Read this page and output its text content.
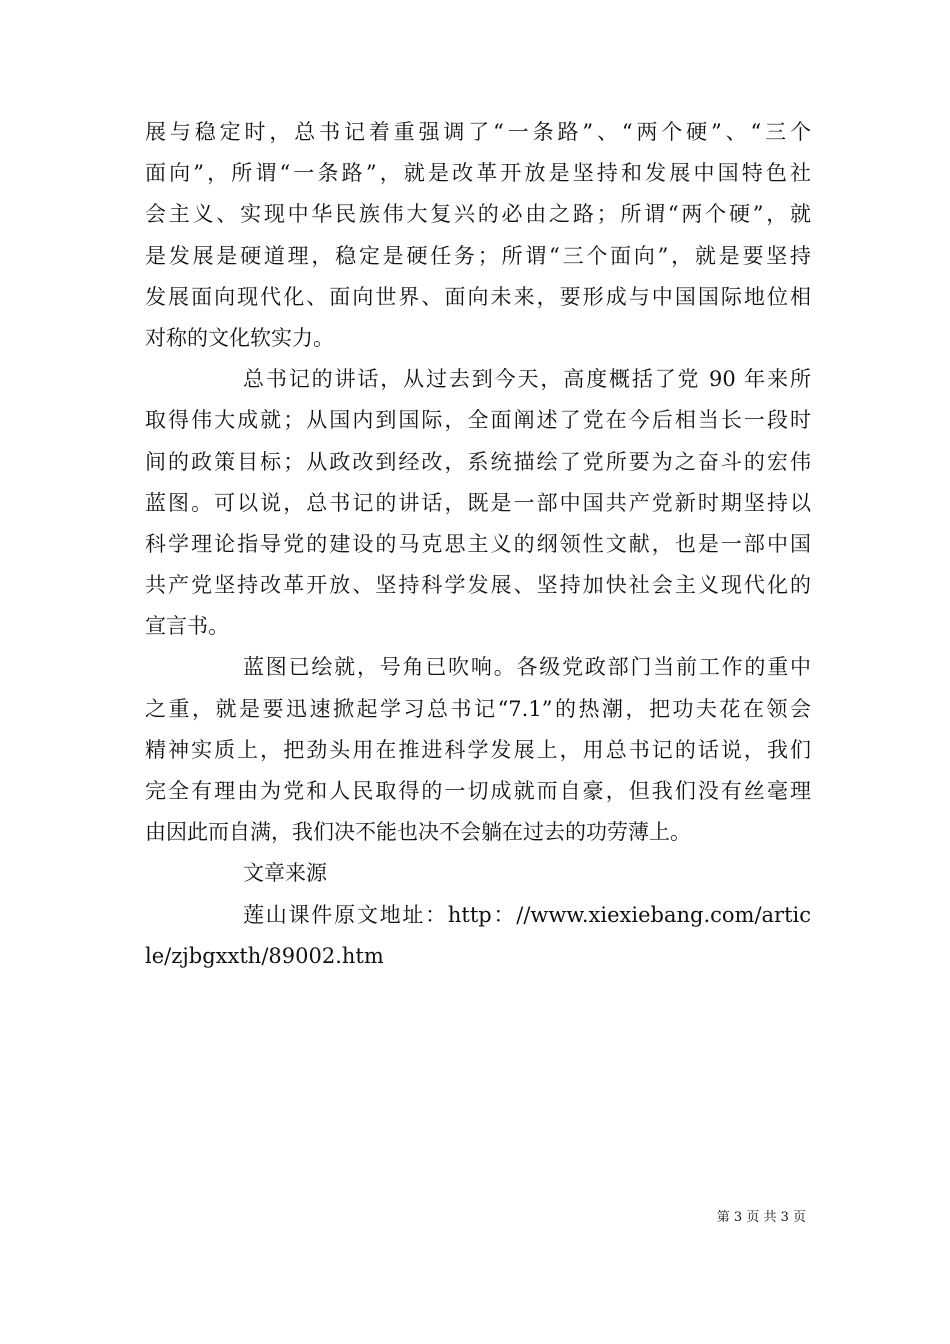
展与稳定时，总书记着重强调了“一条路”、“两个硬”、“三个
面向”，所谓“一条路”，就是改革开放是坚持和发展中国特色社
会主义、实现中华民族伟大复兴的必由之路；所谓“两个硬”，就
是发展是硬道理，稳定是硬任务；所谓“三个面向”，就是要坚持
发展面向现代化、面向世界、面向未来，要形成与中国国际地位相
对称的文化软实力。
总书记的讲话，从过去到今天，高度概括了党 90 年来所
取得伟大成就；从国内到国际，全面阐述了党在今后相当长一段时
间的政策目标；从政改到经改，系统描绘了党所要为之奋斗的宏伟
蓝图。可以说，总书记的讲话，既是一部中国共产党新时期坚持以
科学理论指导党的建设的马克思主义的纲领性文献，也是一部中国
共产党坚持改革开放、坚持科学发展、坚持加快社会主义现代化的
宣言书。
蓝图已绘就，号角已吹响。各级党政部门当前工作的重中
之重，就是要迅速掀起学习总书记“7.1”的热潮，把功夫花在领会
精神实质上，把劲头用在推进科学发展上，用总书记的话说，我们
完全有理由为党和人民取得的一切成就而自豪，但我们没有丝毫理
由因此而自满，我们决不能也决不会躺在过去的功劳薄上。
文章来源
莲山课件原文地址：http：//www.xiexiebang.com/artic
le/zjbgxxth/89002.htm
第 3 页 共 3 页
